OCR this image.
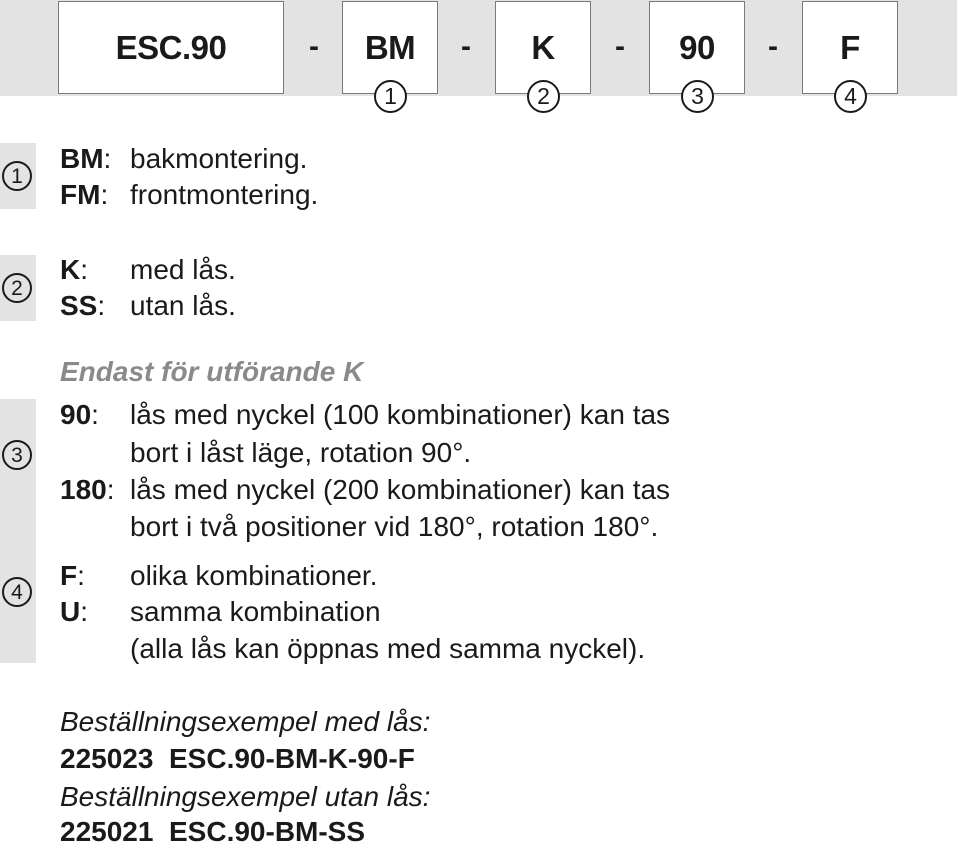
ESC.90	-	BM	-	K	-	90	-	F
1	2	3	4
1
BM: bakmontering.
FM: frontmontering.
2
K: med lås.
SS: utan lås.
Endast för utförande K
3
90: lås med nyckel (100 kombinationer) kan tas
bort i låst läge, rotation 90°.
180: lås med nyckel (200 kombinationer) kan tas
bort i två positioner vid 180°, rotation 180°.
4
F: olika kombinationer.
U: samma kombination
(alla lås kan öppnas med samma nyckel).
Beställningsexempel med lås:
225023  ESC.90-BM-K-90-F
Beställningsexempel utan lås:
225021  ESC.90-BM-SS
